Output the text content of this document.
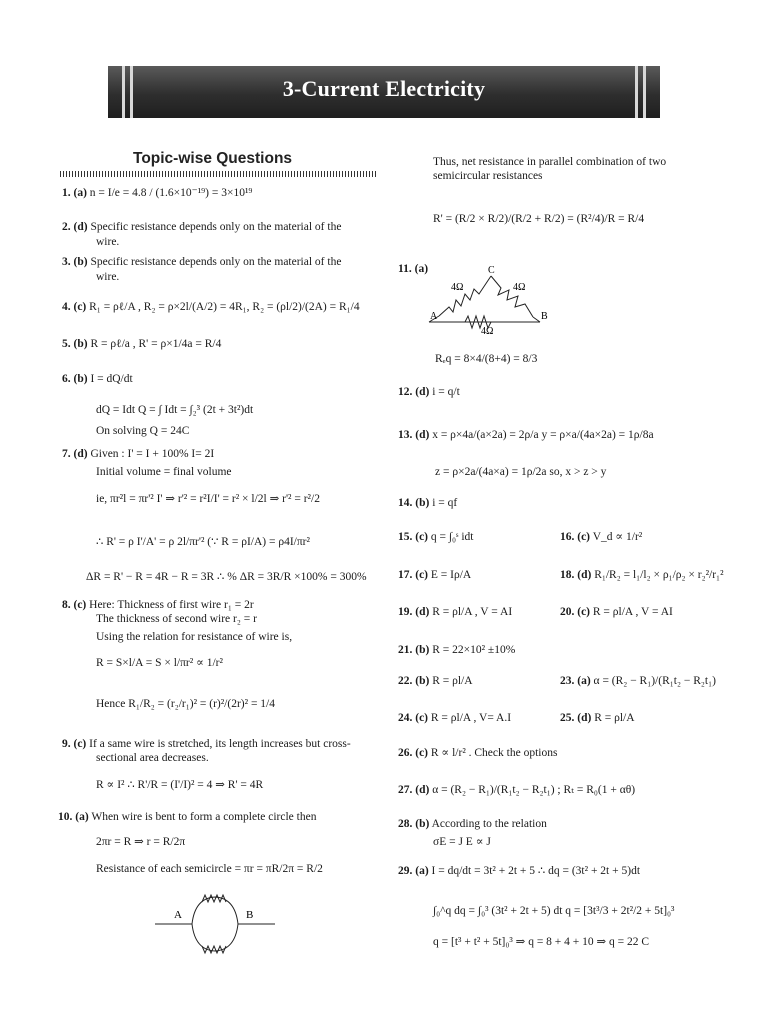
3-Current Electricity
Topic-wise Questions
1. (a) n = I/e = 4.8 / (1.6×10⁻¹⁹) = 3×10¹⁹
2. (d) Specific resistance depends only on the material of the
wire.
3. (b) Specific resistance depends only on the material of the
wire.
4. (c) R₁ = ρℓ/A , R₂ = ρ×2l/(A/2) = 4R₁, R₂ = (ρl/2)/(2A) = R₁/4
5. (b) R = ρℓ/a , R' = ρ×1/4a = R/4
6. (b) I = dQ/dt
dQ = Idt Q = ∫ Idt = ∫₂³ (2t + 3t²)dt
On solving Q = 24C
7. (d) Given : I' = I + 100% I= 2I
Initial volume = final volume
ie, πr²l = πr'² I' ⇒ r'² = r²I/I' = r² × l/2l ⇒ r'² = r²/2
∴ R' = ρ I'/A' = ρ 2l/πr'² (∵ R = ρI/A) = ρ4I/πr²
ΔR = R' − R = 4R − R = 3R ∴ % ΔR = 3R/R ×100% = 300%
8. (c) Here: Thickness of first wire r₁ = 2r
The thickness of second wire r₂ = r
Using the relation for resistance of wire is,
R = S×l/A = S × l/πr² ∝ 1/r²
Hence R₁/R₂ = (r₂/r₁)² = (r)²/(2r)² = 1/4
9. (c) If a same wire is stretched, its length increases but cross-
sectional area decreases.
R ∝ I² ∴ R'/R = (I'/I)² = 4 ⇒ R' = 4R
10. (a) When wire is bent to form a complete circle then
2πr = R ⇒ r = R/2π
Resistance of each semicircle = πr = πR/2π = R/2
A	B
Thus, net resistance in parallel combination of two
semicircular resistances
R' = (R/2 × R/2)/(R/2 + R/2) = (R²/4)/R = R/4
11. (a)	C
A	B
4Ω	4Ω
4Ω
Rₑq = 8×4/(8+4) = 8/3
12. (d) i = q/t
13. (d) x = ρ×4a/(a×2a) = 2ρ/a y = ρ×a/(4a×2a) = 1ρ/8a
z = ρ×2a/(4a×a) = 1ρ/2a so, x > z > y
14. (b) i = qf
15. (c) q = ∫₀ˢ idt	16. (c) V_d ∝ 1/r²
17. (c) E = Iρ/A	18. (d) R₁/R₂ = l₁/l₂ × ρ₁/ρ₂ × r₂²/r₁²
19. (d) R = ρl/A , V = AI	20. (c) R = ρl/A , V = AI
21. (b) R = 22×10² ±10%
22. (b) R = ρl/A	23. (a) α = (R₂ − R₁)/(R₁t₂ − R₂t₁)
24. (c) R = ρl/A , V= A.I	25. (d) R = ρl/A
26. (c) R ∝ l/r² . Check the options
27. (d) α = (R₂ − R₁)/(R₁t₂ − R₂t₁) ; Rₜ = R₀(1 + αθ)
28. (b) According to the relation
σE = J E ∝ J
29. (a) I = dq/dt = 3t² + 2t + 5 ∴ dq = (3t² + 2t + 5)dt
∫₀^q dq = ∫₀³ (3t² + 2t + 5) dt q = [3t³/3 + 2t²/2 + 5t]₀³
q = [t³ + t² + 5t]₀³ ⇒ q = 8 + 4 + 10 ⇒ q = 22 C
